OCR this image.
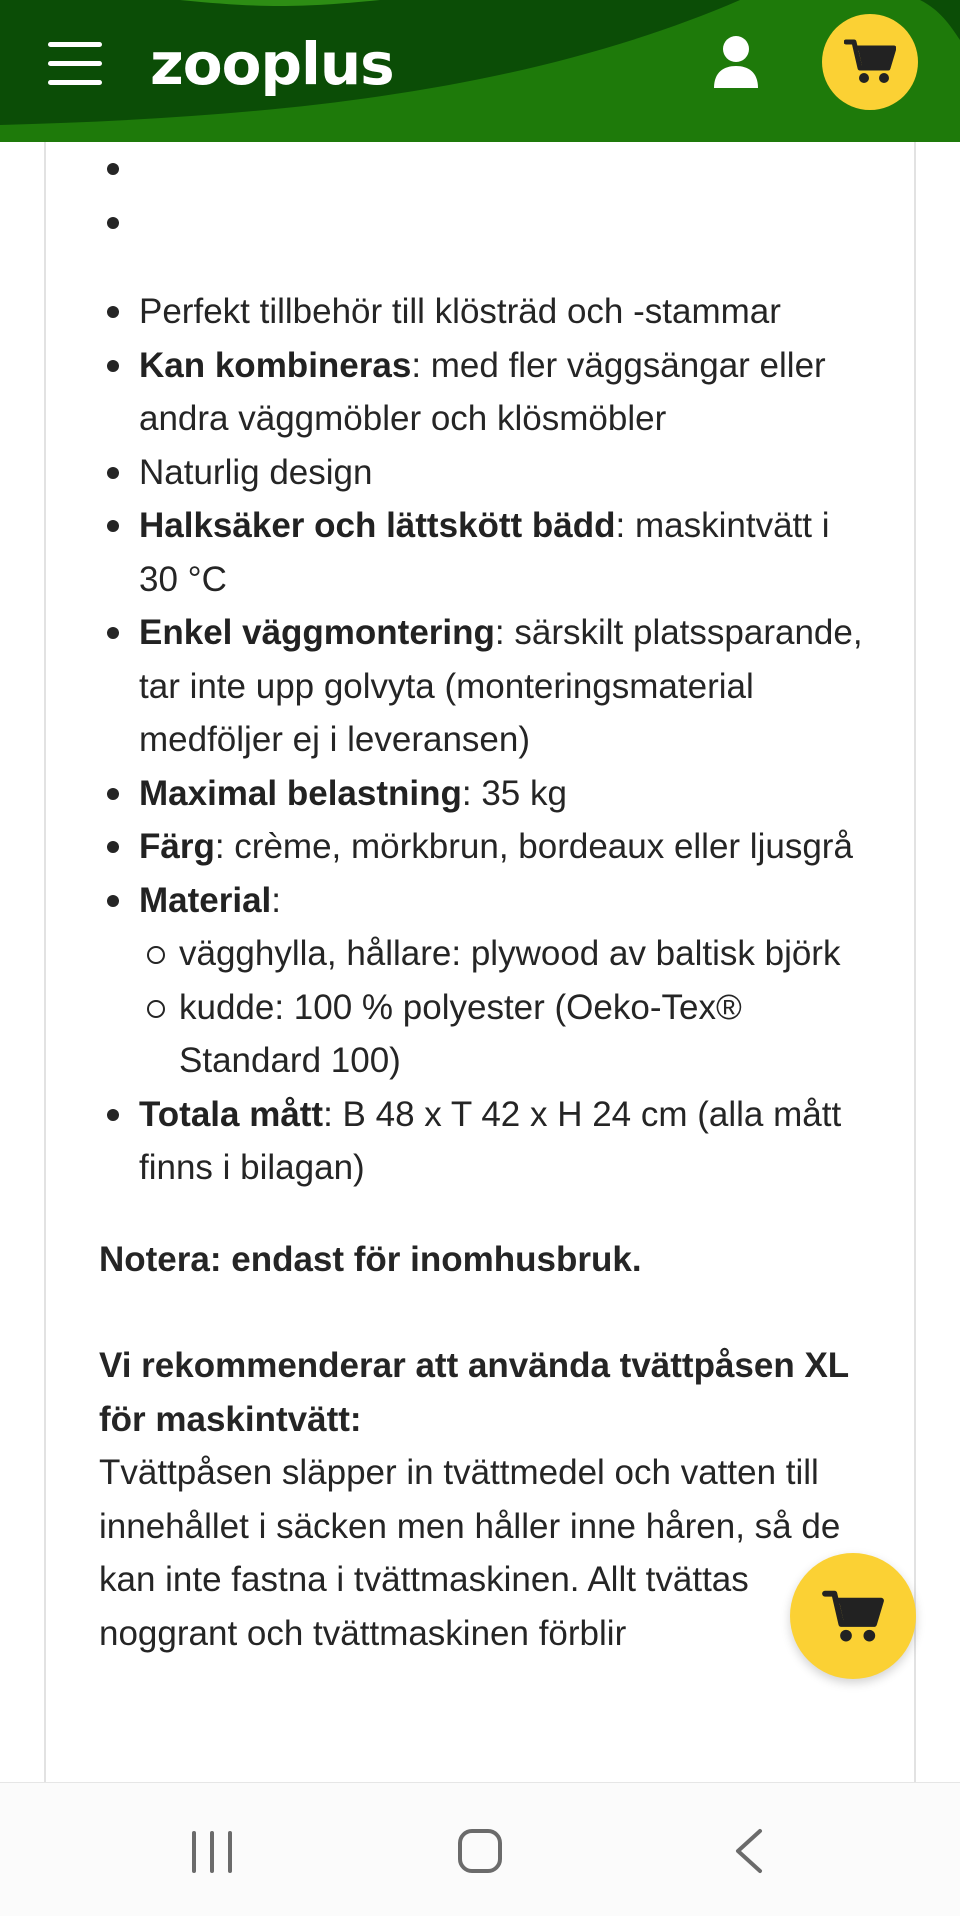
zooplus
Perfekt tillbehör till klösträd och -stammar
Kan kombineras: med fler väggsängar eller andra väggmöbler och klösmöbler
Naturlig design
Halksäker och lättskött bädd: maskintvätt i 30 °C
Enkel väggmontering: särskilt platssparande, tar inte upp golvyta (monteringsmaterial medföljer ej i leveransen)
Maximal belastning: 35 kg
Färg: crème, mörkbrun, bordeaux eller ljusgrå
Material:
vägghylla, hållare: plywood av baltisk björk
kudde: 100 % polyester (Oeko-Tex® Standard 100)
Totala mått: B 48 x T 42 x H 24 cm (alla mått finns i bilagan)

Notera: endast för inomhusbruk.

Vi rekommenderar att använda tvättpåsen XL för maskintvätt:

Tvättpåsen släpper in tvättmedel och vatten till innehållet i säcken men håller inne håren, så de kan inte fastna i tvättmaskinen. Allt tvättas noggrant och tvättmaskinen förblir
